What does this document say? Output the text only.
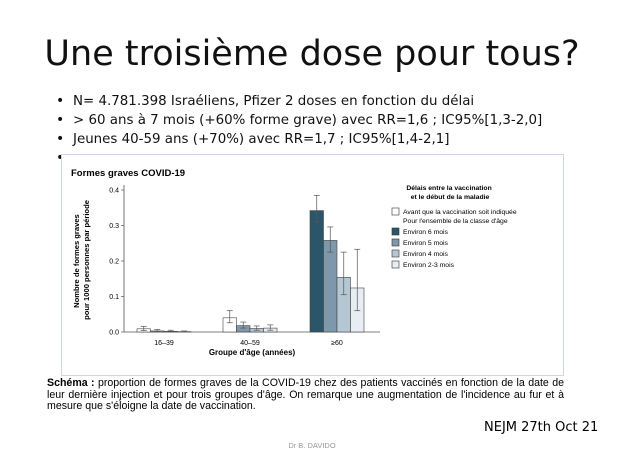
Une troisième dose pour tous?
• N= 4.781.398 Israéliens, Pfizer 2 doses en fonction du délai
• > 60 ans à 7 mois (+60% forme grave) avec RR=1,6 ; IC95%[1,3-2,0]
• Jeunes 40-59 ans (+70%) avec RR=1,7 ; IC95%[1,4-2,1]
•
Formes graves COVID-19
Nombre de formes graves pour 1000 personnes par période
0.0
0.1
0.2
0.3
0.4
16–39	40–59	≥60
Groupe d'âge (années)
Délais entre la vaccination et le début de la maladie
Avant que la vaccination soit indiquée
Pour l'ensemble de la classe d'âge
Environ 6 mois
Environ 5 mois
Environ 4 mois
Environ 2-3 mois
Schéma : proportion de formes graves de la COVID-19 chez des patients vaccinés en fonction de la date de leur dernière injection et pour trois groupes d'âge. On remarque une augmentation de l'incidence au fur et à mesure que s'éloigne la date de vaccination.
NEJM 27th Oct 21
Dr B. DAVIDO
